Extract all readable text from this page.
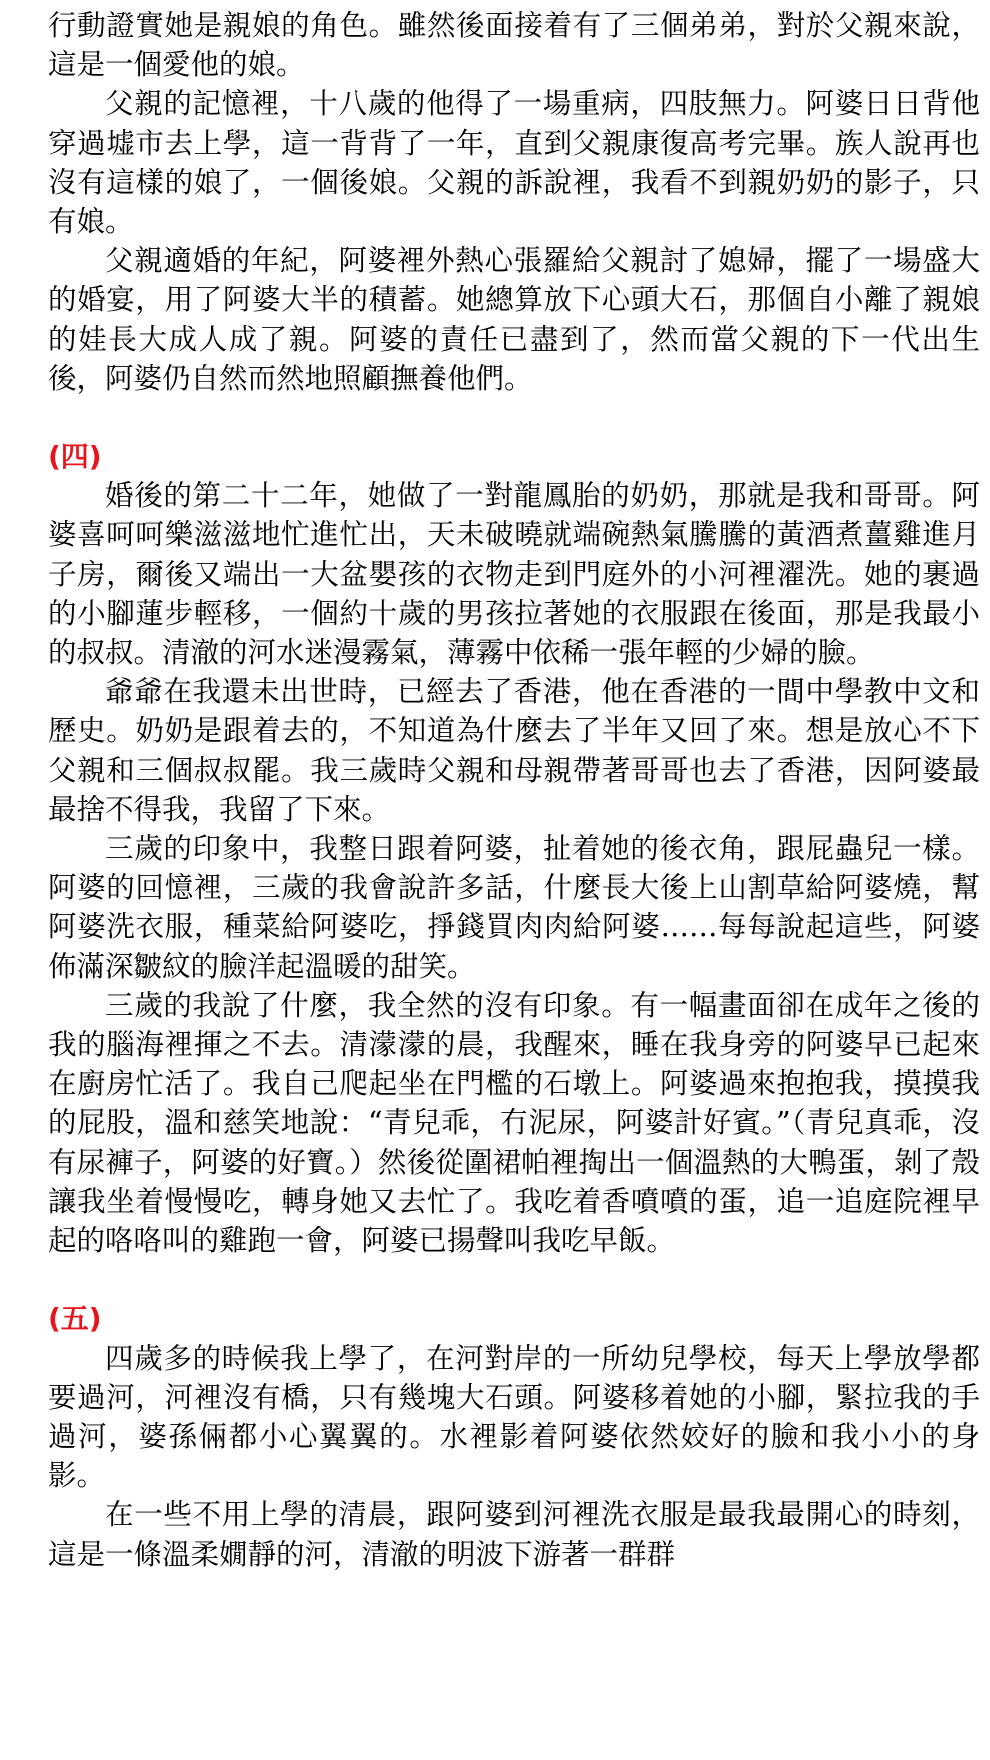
行動證實她是親娘的角色。雖然後面接着有了三個弟弟，對於父親來說，這是一個愛他的娘。

父親的記憶裡，十八歲的他得了一場重病，四肢無力。阿婆日日背他穿過墟市去上學，這一背背了一年，直到父親康復高考完畢。族人說再也沒有這樣的娘了，一個後娘。父親的訴說裡，我看不到親奶奶的影子，只有娘。

父親適婚的年紀，阿婆裡外熱心張羅給父親討了媳婦，擺了一場盛大的婚宴，用了阿婆大半的積蓄。她總算放下心頭大石，那個自小離了親娘的娃長大成人成了親。阿婆的責任已盡到了，然而當父親的下一代出生後，阿婆仍自然而然地照顧撫養他們。

(四)

婚後的第二十二年，她做了一對龍鳳胎的奶奶，那就是我和哥哥。阿婆喜呵呵樂滋滋地忙進忙出，天未破曉就端碗熱氣騰騰的黃酒煮薑雞進月子房，爾後又端出一大盆嬰孩的衣物走到門庭外的小河裡濯洗。她的裹過的小腳蓮步輕移，一個約十歲的男孩拉著她的衣服跟在後面，那是我最小的叔叔。清澈的河水迷漫霧氣，薄霧中依稀一張年輕的少婦的臉。

爺爺在我還未出世時，已經去了香港，他在香港的一間中學教中文和歷史。奶奶是跟着去的，不知道為什麼去了半年又回了來。想是放心不下父親和三個叔叔罷。我三歲時父親和母親帶著哥哥也去了香港，因阿婆最最捨不得我，我留了下來。

三歲的印象中，我整日跟着阿婆，扯着她的後衣角，跟屁蟲兒一樣。阿婆的回憶裡，三歲的我會說許多話，什麼長大後上山割草給阿婆燒，幫阿婆洗衣服，種菜給阿婆吃，掙錢買肉肉給阿婆……每每說起這些，阿婆佈滿深皺紋的臉洋起溫暖的甜笑。

三歲的我說了什麼，我全然的沒有印象。有一幅畫面卻在成年之後的我的腦海裡揮之不去。清濛濛的晨，我醒來，睡在我身旁的阿婆早已起來在廚房忙活了。我自己爬起坐在門檻的石墩上。阿婆過來抱抱我，摸摸我的屁股，溫和慈笑地說：“青兒乖，冇泥尿，阿婆計好賓。”（青兒真乖，沒有尿褲子，阿婆的好寶。）然後從圍裙帕裡掏出一個溫熱的大鴨蛋，剝了殼讓我坐着慢慢吃，轉身她又去忙了。我吃着香噴噴的蛋，追一追庭院裡早起的咯咯叫的雞跑一會，阿婆已揚聲叫我吃早飯。

(五)

四歲多的時候我上學了，在河對岸的一所幼兒學校，每天上學放學都要過河，河裡沒有橋，只有幾塊大石頭。阿婆移着她的小腳，緊拉我的手過河，婆孫倆都小心翼翼的。水裡影着阿婆依然姣好的臉和我小小的身影。

在一些不用上學的清晨，跟阿婆到河裡洗衣服是最我最開心的時刻，這是一條溫柔嫺靜的河，清澈的明波下游著一群群
